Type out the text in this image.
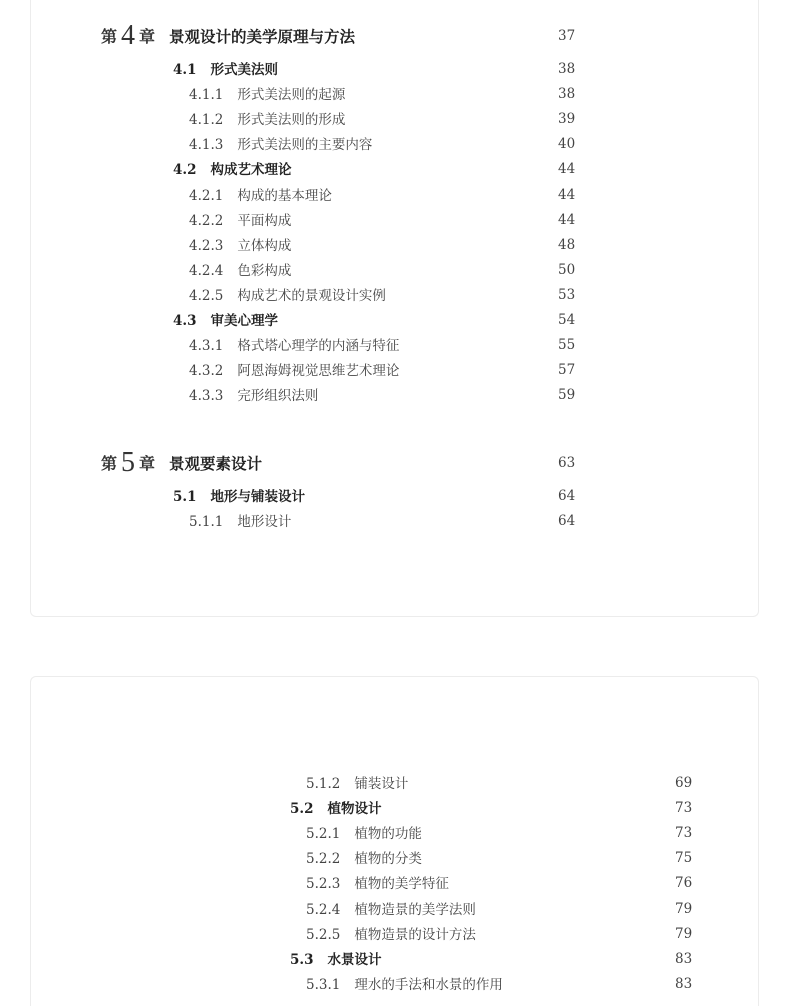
第 4 章 景观设计的美学原理与方法	37
4.1 形式美法则	38
4.1.1 形式美法则的起源	38
4.1.2 形式美法则的形成	39
4.1.3 形式美法则的主要内容	40
4.2 构成艺术理论	44
4.2.1 构成的基本理论	44
4.2.2 平面构成	44
4.2.3 立体构成	48
4.2.4 色彩构成	50
4.2.5 构成艺术的景观设计实例	53
4.3 审美心理学	54
4.3.1 格式塔心理学的内涵与特征	55
4.3.2 阿恩海姆视觉思维艺术理论	57
4.3.3 完形组织法则	59
第 5 章 景观要素设计	63
5.1 地形与铺装设计	64
5.1.1 地形设计	64
5.1.2 铺装设计	69
5.2 植物设计	73
5.2.1 植物的功能	73
5.2.2 植物的分类	75
5.2.3 植物的美学特征	76
5.2.4 植物造景的美学法则	79
5.2.5 植物造景的设计方法	79
5.3 水景设计	83
5.3.1 理水的手法和水景的作用	83
